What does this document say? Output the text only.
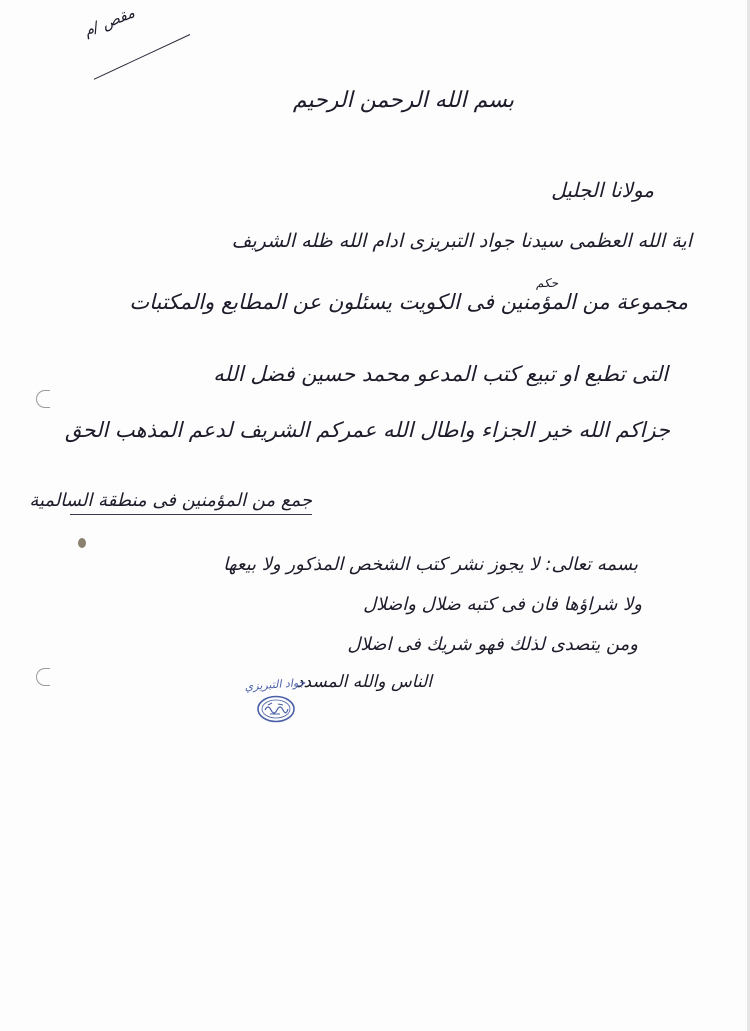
مقص /م
بسم الله الرحمن الرحيم
مولانا الجليل
اية الله العظمى سيدنا جواد التبريزى ادام الله ظله الشريف
حكم
مجموعة من المؤمنين فى الكويت يسئلون عن المطابع والمكتبات
التى تطبع او تبيع كتب المدعو محمد حسين فضل الله
جزاكم الله خير الجزاء واطال الله عمركم الشريف لدعم المذهب الحق
جمع من المؤمنين فى منطقة السالمية
بسمه تعالى: لا يجوز نشر كتب الشخص المذكور ولا بيعها
ولا شراؤها فان فى كتبه ضلال واضلال
ومن يتصدى لذلك فهو شريك فى اضلال
الناس والله المسدد
جواد التبريزي
